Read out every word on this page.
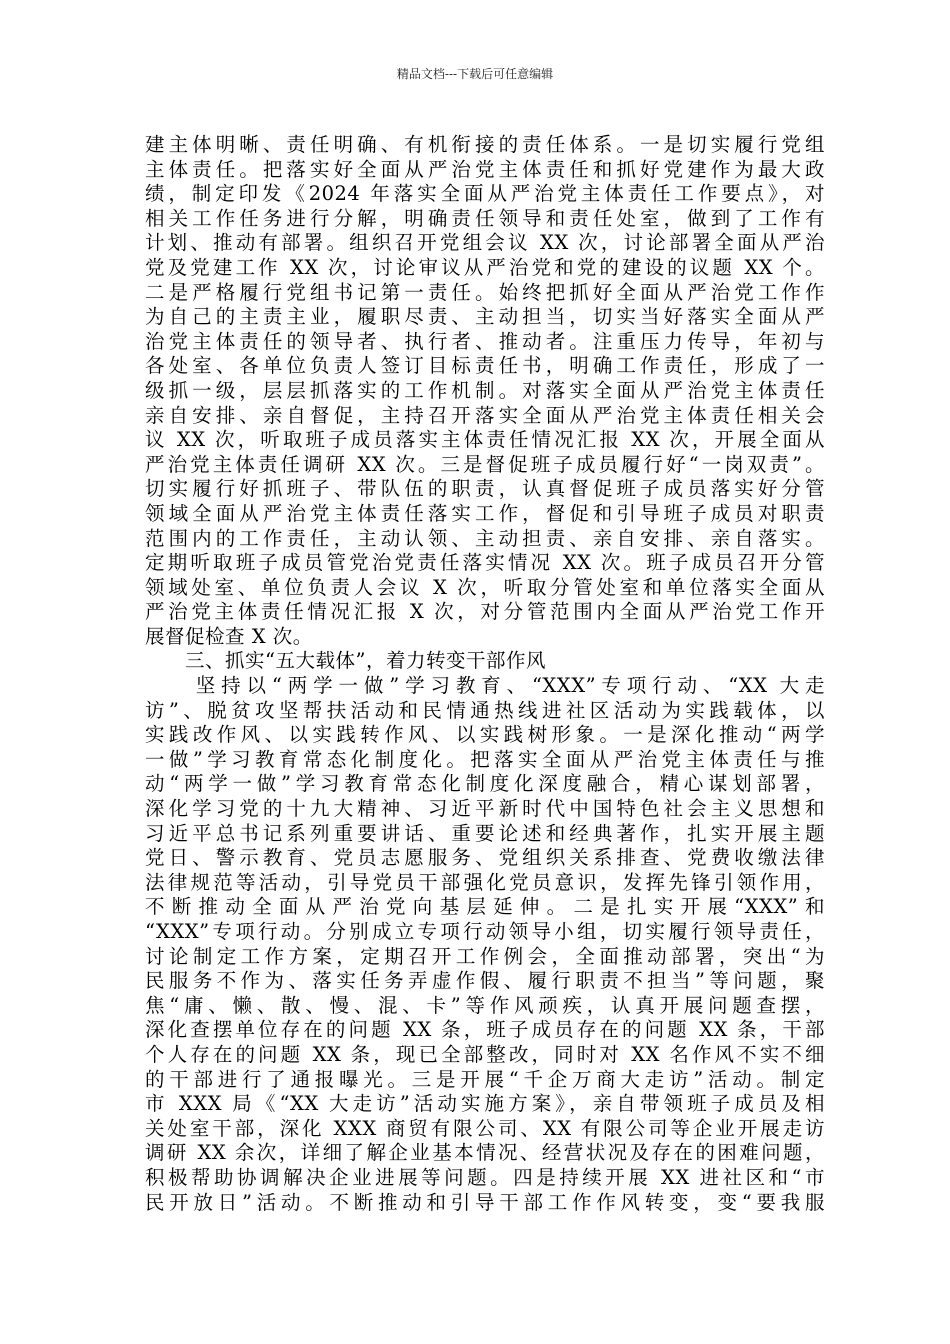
精品文档---下载后可任意编辑
建主体明晰、责任明确、有机衔接的责任体系。一是切实履行党组
主体责任。把落实好全面从严治党主体责任和抓好党建作为最大政
绩，制定印发《2024 年落实全面从严治党主体责任工作要点》，对
相关工作任务进行分解，明确责任领导和责任处室，做到了工作有
计划、推动有部署。组织召开党组会议 XX 次，讨论部署全面从严治
党及党建工作 XX 次，讨论审议从严治党和党的建设的议题 XX 个。
二是严格履行党组书记第一责任。始终把抓好全面从严治党工作作
为自己的主责主业，履职尽责、主动担当，切实当好落实全面从严
治党主体责任的领导者、执行者、推动者。注重压力传导，年初与
各处室、各单位负责人签订目标责任书，明确工作责任，形成了一
级抓一级，层层抓落实的工作机制。对落实全面从严治党主体责任
亲自安排、亲自督促，主持召开落实全面从严治党主体责任相关会
议 XX 次，听取班子成员落实主体责任情况汇报 XX 次，开展全面从
严治党主体责任调研 XX 次。三是督促班子成员履行好“一岗双责”。
切实履行好抓班子、带队伍的职责，认真督促班子成员落实好分管
领域全面从严治党主体责任落实工作，督促和引导班子成员对职责
范围内的工作责任，主动认领、主动担责、亲自安排、亲自落实。
定期听取班子成员管党治党责任落实情况 XX 次。班子成员召开分管
领域处室、单位负责人会议 X 次，听取分管处室和单位落实全面从
严治党主体责任情况汇报 X 次，对分管范围内全面从严治党工作开
展督促检查 X 次。
　　三、抓实“五大载体”，着力转变干部作风
　　坚持以“两学一做”学习教育、“XXX”专项行动、“XX 大走
访”、脱贫攻坚帮扶活动和民情通热线进社区活动为实践载体，以
实践改作风、以实践转作风、以实践树形象。一是深化推动“两学
一做”学习教育常态化制度化。把落实全面从严治党主体责任与推
动“两学一做”学习教育常态化制度化深度融合，精心谋划部署，
深化学习党的十九大精神、习近平新时代中国特色社会主义思想和
习近平总书记系列重要讲话、重要论述和经典著作，扎实开展主题
党日、警示教育、党员志愿服务、党组织关系排查、党费收缴法律
法律规范等活动，引导党员干部强化党员意识，发挥先锋引领作用，
不断推动全面从严治党向基层延伸。二是扎实开展“XXX”和
“XXX”专项行动。分别成立专项行动领导小组，切实履行领导责任，
讨论制定工作方案，定期召开工作例会，全面推动部署，突出“为
民服务不作为、落实任务弄虚作假、履行职责不担当”等问题，聚
焦“庸、懒、散、慢、混、卡”等作风顽疾，认真开展问题查摆，
深化查摆单位存在的问题 XX 条，班子成员存在的问题 XX 条，干部
个人存在的问题 XX 条，现已全部整改，同时对 XX 名作风不实不细
的干部进行了通报曝光。三是开展“千企万商大走访”活动。制定
市 XXX 局《“XX 大走访”活动实施方案》，亲自带领班子成员及相
关处室干部，深化 XXX 商贸有限公司、XX 有限公司等企业开展走访
调研 XX 余次，详细了解企业基本情况、经营状况及存在的困难问题，
积极帮助协调解决企业进展等问题。四是持续开展 XX 进社区和“市
民开放日”活动。不断推动和引导干部工作作风转变，变“要我服
